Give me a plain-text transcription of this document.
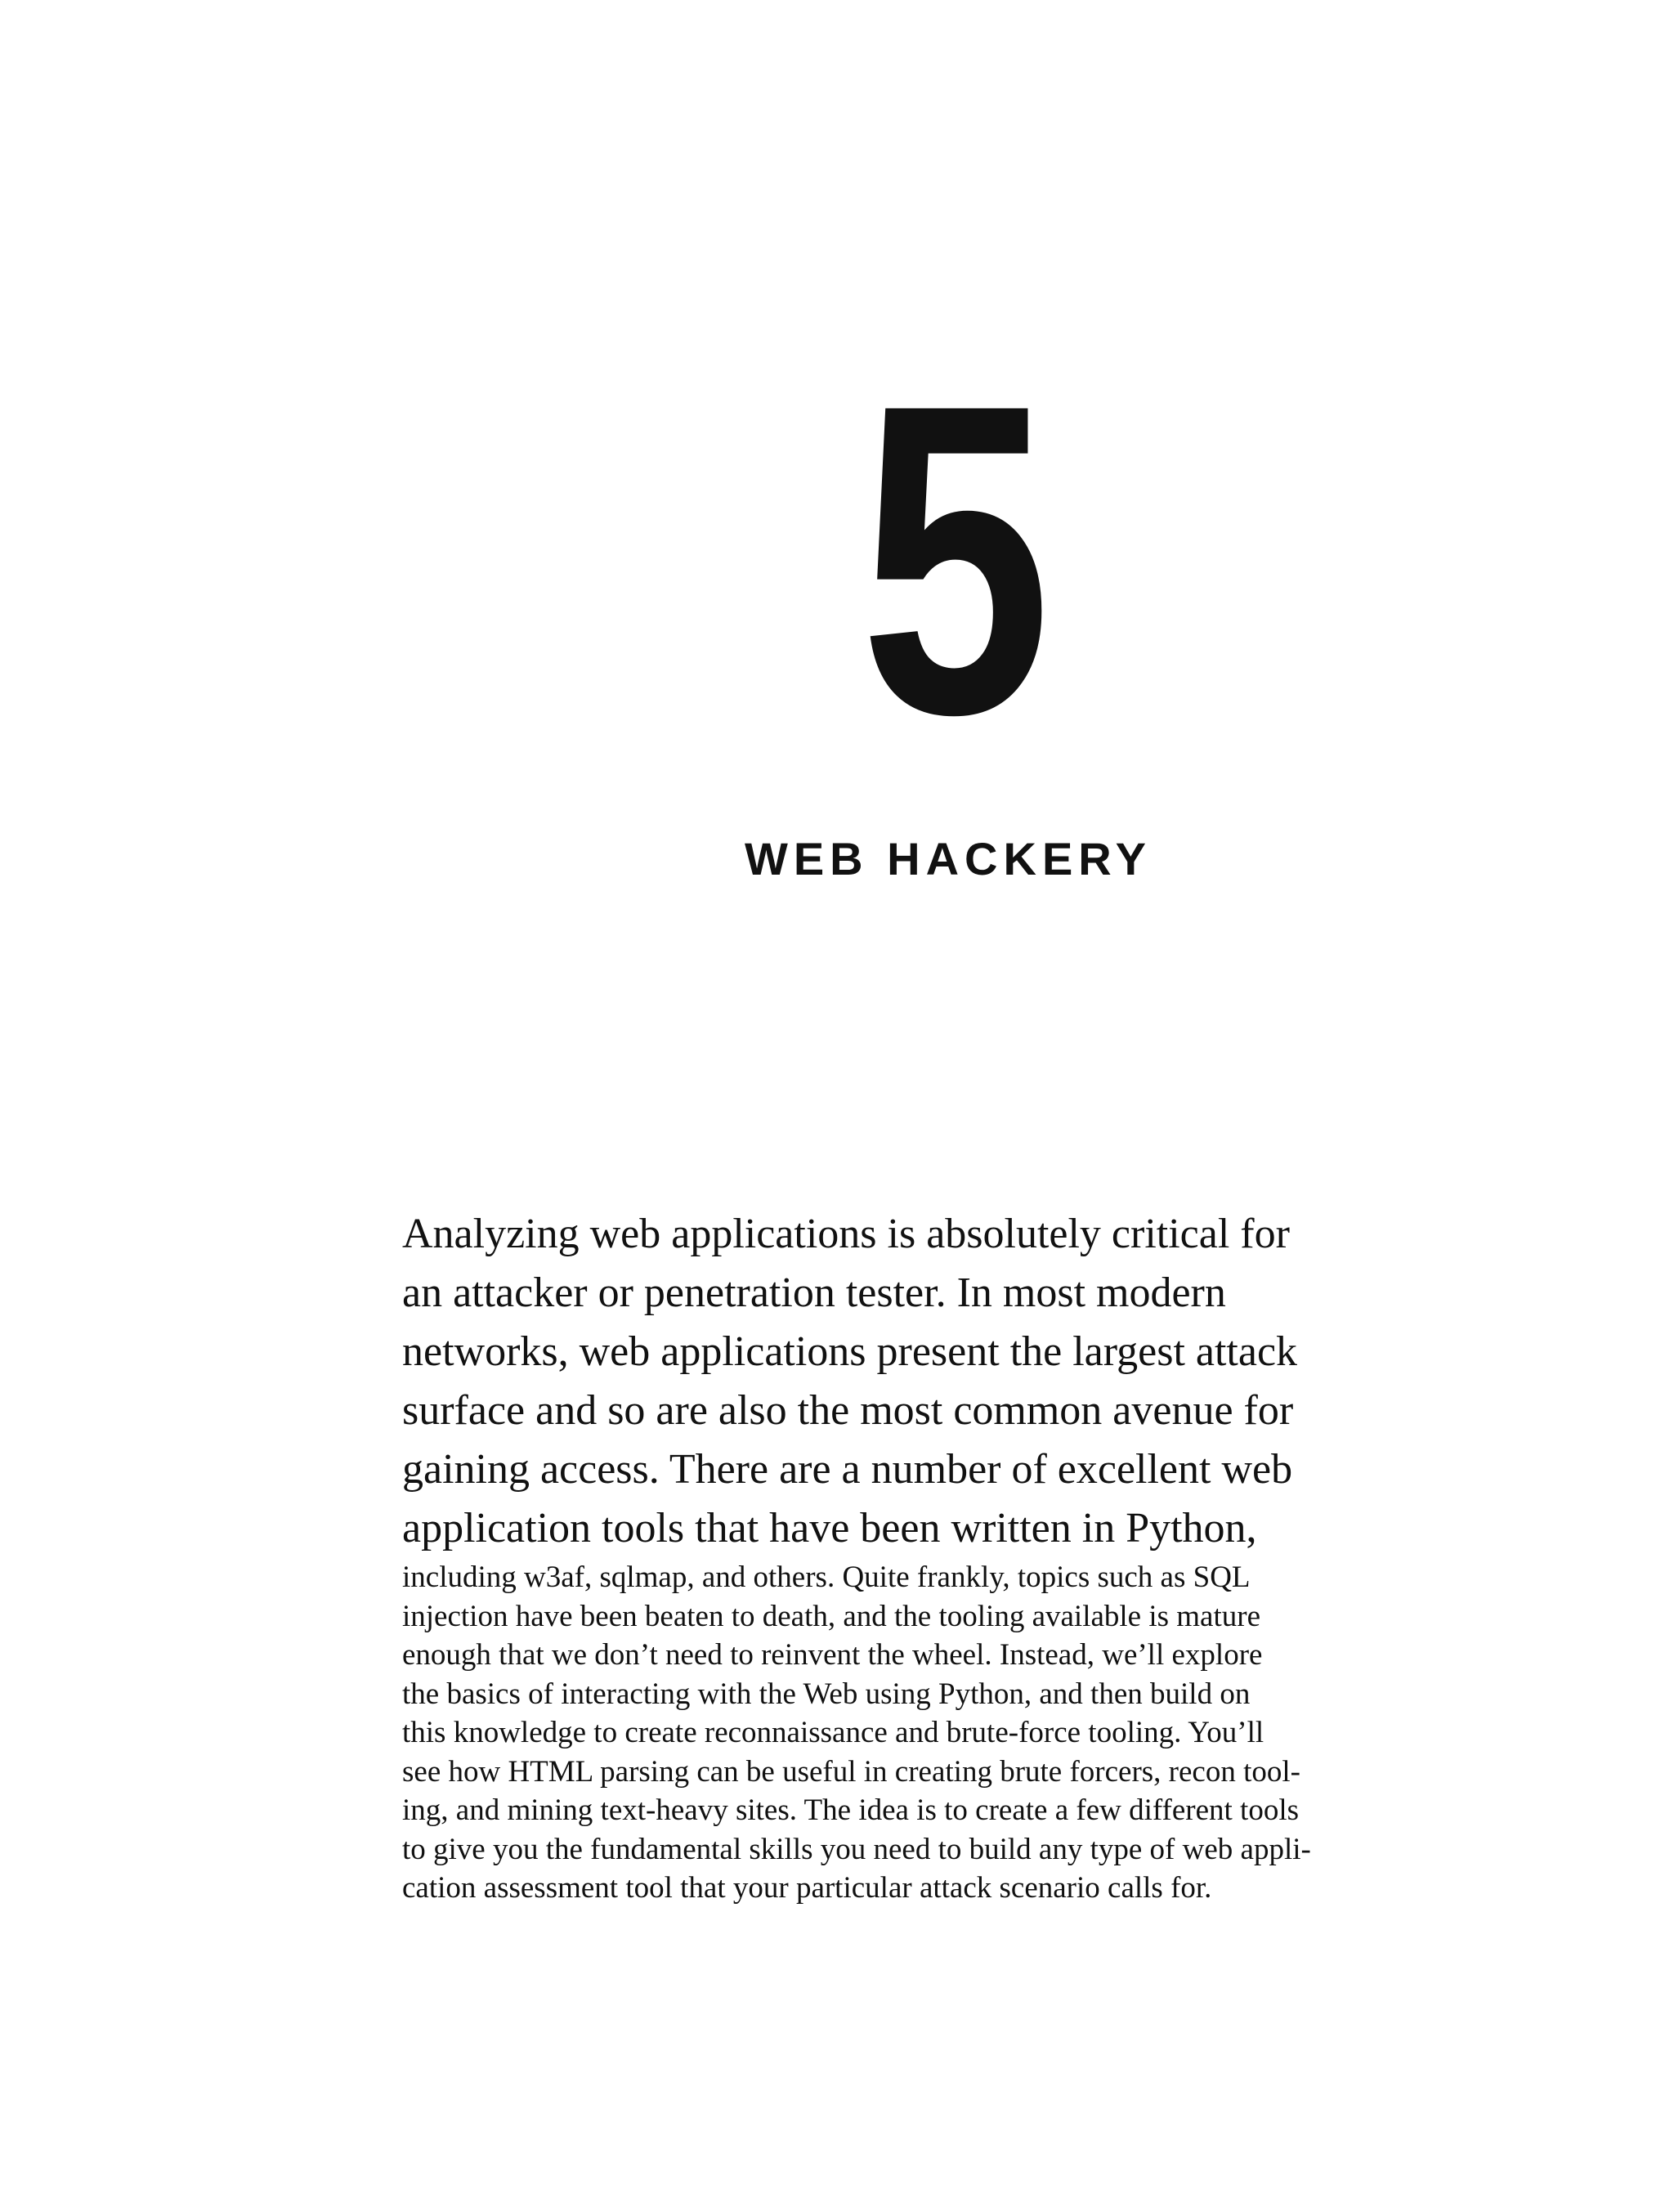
5
WEB HACKERY
Analyzing web applications is absolutely critical for
an attacker or penetration tester. In most modern
networks, web applications present the largest attack
surface and so are also the most common avenue for
gaining access. There are a number of excellent web
application tools that have been written in Python,
including w3af, sqlmap, and others. Quite frankly, topics such as SQL
injection have been beaten to death, and the tooling available is mature
enough that we don’t need to reinvent the wheel. Instead, we’ll explore
the basics of interacting with the Web using Python, and then build on
this knowledge to create reconnaissance and brute-force tooling. You’ll
see how HTML parsing can be useful in creating brute forcers, recon tool-
ing, and mining text-heavy sites. The idea is to create a few different tools
to give you the fundamental skills you need to build any type of web appli-
cation assessment tool that your particular attack scenario calls for.
